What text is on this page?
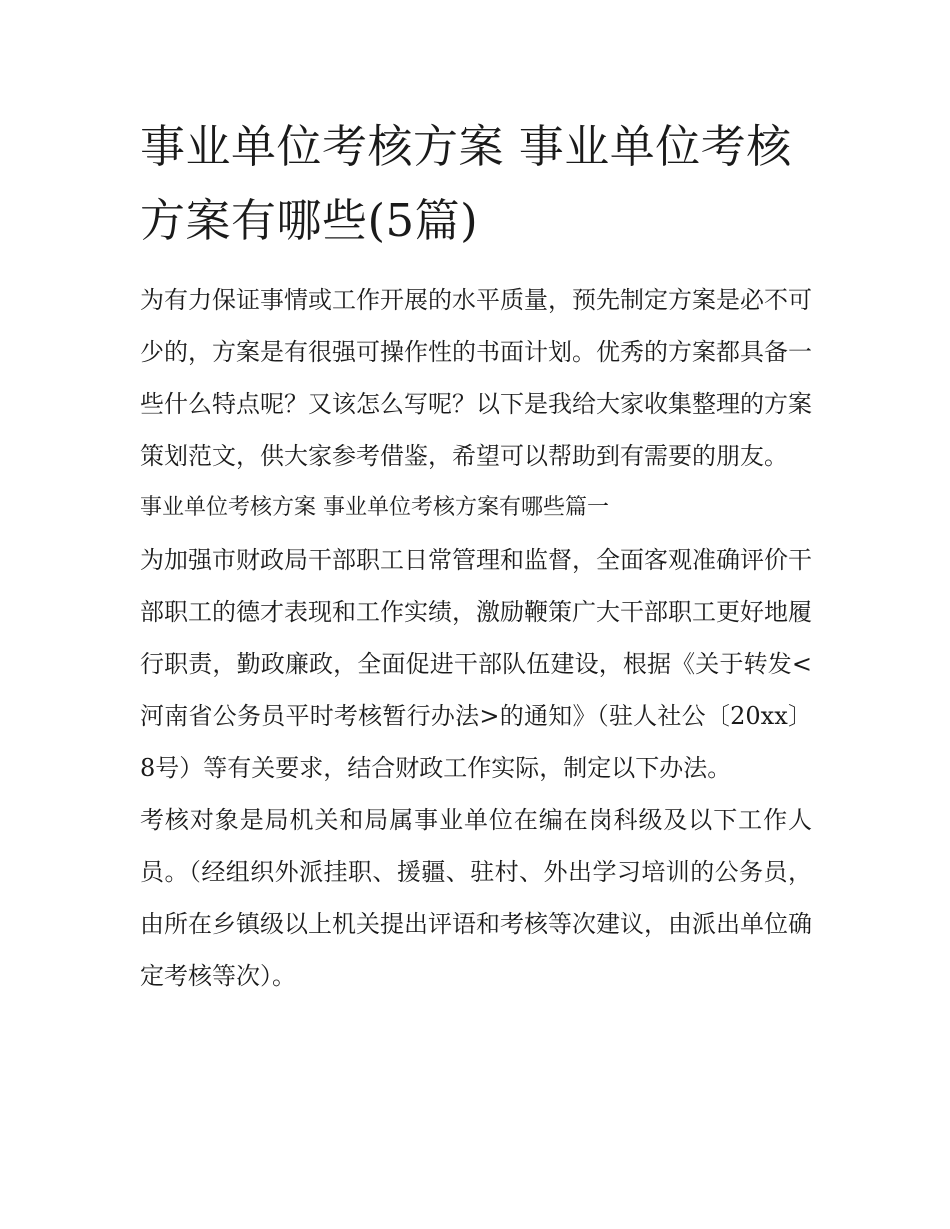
事业单位考核方案 事业单位考核方案有哪些(5篇)

为有力保证事情或工作开展的水平质量，预先制定方案是必不可少的，方案是有很强可操作性的书面计划。优秀的方案都具备一些什么特点呢？又该怎么写呢？以下是我给大家收集整理的方案策划范文，供大家参考借鉴，希望可以帮助到有需要的朋友。

事业单位考核方案 事业单位考核方案有哪些篇一

为加强市财政局干部职工日常管理和监督，全面客观准确评价干部职工的德才表现和工作实绩，激励鞭策广大干部职工更好地履行职责，勤政廉政，全面促进干部队伍建设，根据《关于转发<河南省公务员平时考核暂行办法>的通知》（驻人社公〔20xx〕8号）等有关要求，结合财政工作实际，制定以下办法。

考核对象是局机关和局属事业单位在编在岗科级及以下工作人员。（经组织外派挂职、援疆、驻村、外出学习培训的公务员，由所在乡镇级以上机关提出评语和考核等次建议，由派出单位确定考核等次）。
